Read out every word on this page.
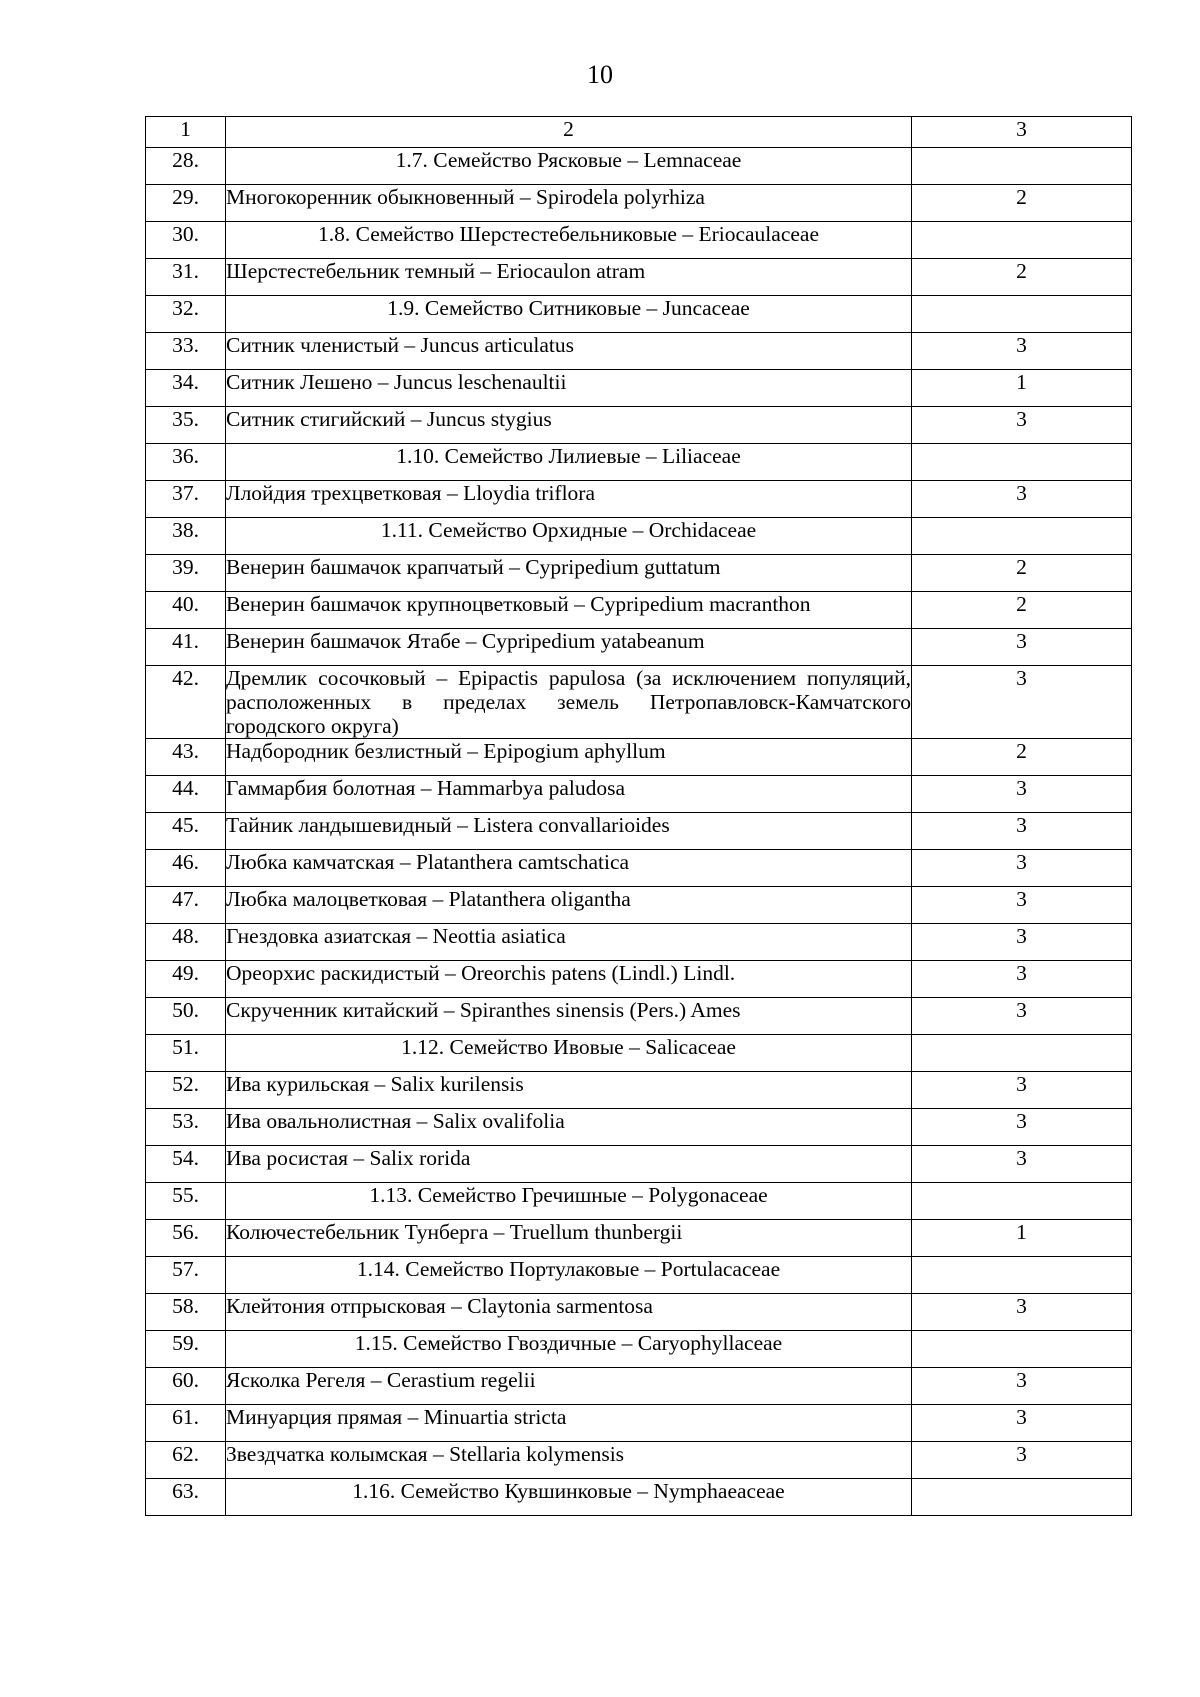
10
1	2	3
28.	1.7. Семейство Рясковые – Lemnaceae	
29.	Многокоренник обыкновенный – Spirodela polyrhiza	2
30.	1.8. Семейство Шерстестебельниковые – Eriocaulaceae	
31.	Шерстестебельник темный – Eriocaulon atram	2
32.	1.9. Семейство Ситниковые – Juncaceae	
33.	Ситник членистый – Juncus articulatus	3
34.	Ситник Лешено – Juncus leschenaultii	1
35.	Ситник стигийский – Juncus stygius	3
36.	1.10. Семейство Лилиевые – Liliaceae	
37.	Ллойдия трехцветковая – Lloydia triflora	3
38.	1.11. Семейство Орхидные – Orchidaceae	
39.	Венерин башмачок крапчатый – Cypripedium guttatum	2
40.	Венерин башмачок крупноцветковый – Cypripedium macranthon	2
41.	Венерин башмачок Ятабе – Cypripedium yatabeanum	3
42.	Дремлик сосочковый – Epipactis papulosa (за исключением популяций, расположенных в пределах земель Петропавловск-Камчатского городского округа)	3
43.	Надбородник безлистный – Epipogium aphyllum	2
44.	Гаммарбия болотная – Hammarbya paludosa	3
45.	Тайник ландышевидный – Listera convallarioides	3
46.	Любка камчатская – Platanthera camtschatica	3
47.	Любка малоцветковая – Platanthera oligantha	3
48.	Гнездовка азиатская – Neottia asiatica	3
49.	Ореорхис раскидистый – Oreorchis patens (Lindl.) Lindl.	3
50.	Скрученник китайский – Spiranthes sinensis (Pers.) Ames	3
51.	1.12. Семейство Ивовые – Salicaceae	
52.	Ива курильская – Salix kurilensis	3
53.	Ива овальнолистная – Salix ovalifolia	3
54.	Ива росистая – Salix rorida	3
55.	1.13. Семейство Гречишные – Polygonaceae	
56.	Колючестебельник Тунберга – Truellum thunbergii	1
57.	1.14. Семейство Портулаковые – Portulacaceae	
58.	Клейтония отпрысковая – Claytonia sarmentosa	3
59.	1.15. Семейство Гвоздичные – Caryophyllaceae	
60.	Ясколка Регеля – Cerastium regelii	3
61.	Минуарция прямая – Minuartia stricta	3
62.	Звездчатка колымская – Stellaria kolymensis	3
63.	1.16. Семейство Кувшинковые – Nymphaeaceae	
